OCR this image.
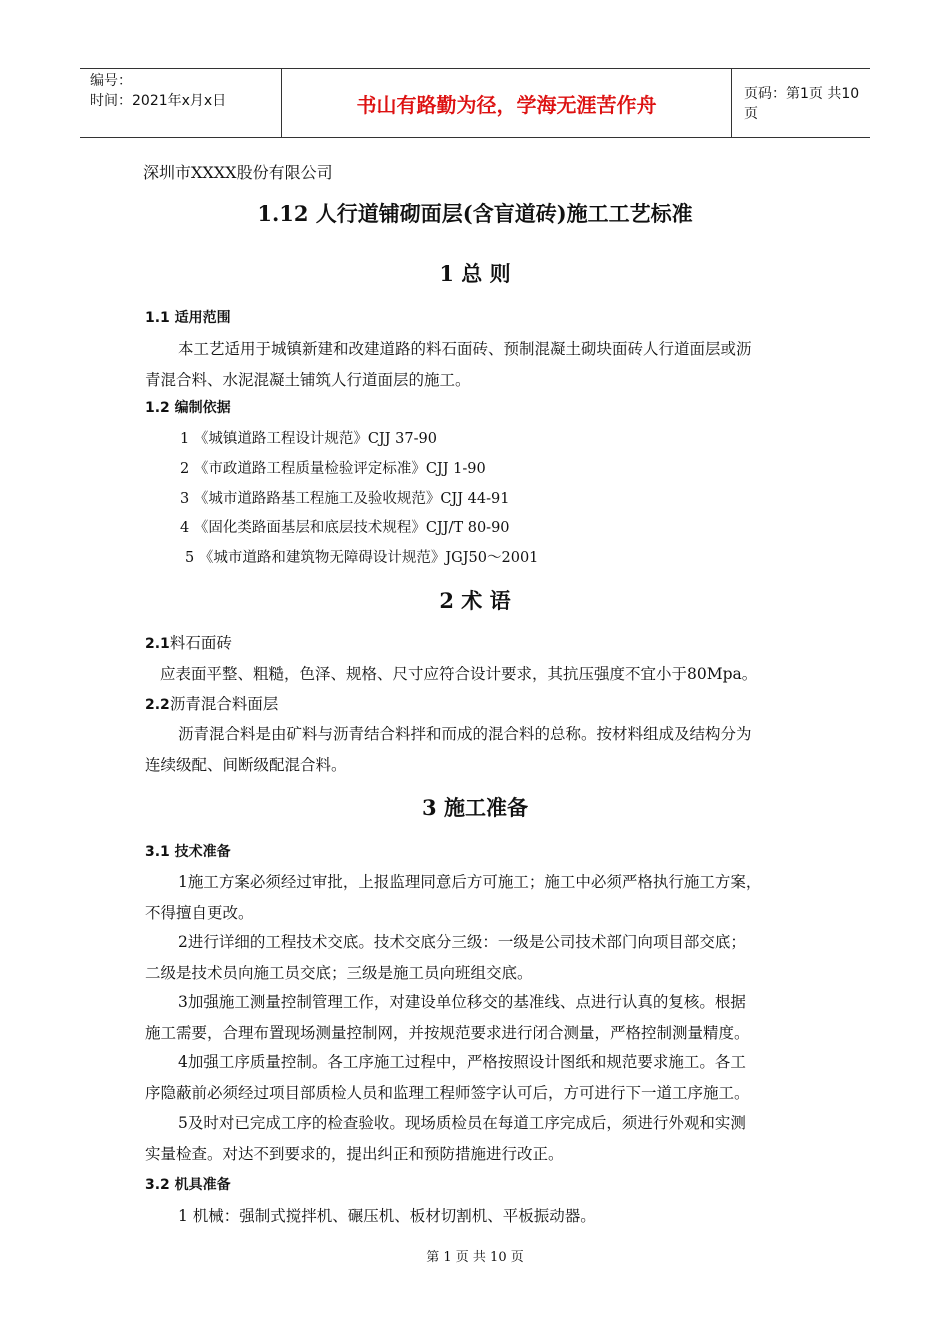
编号：
时间：2021年x月x日	书山有路勤为径，学海无涯苦作舟	页码：第1页 共10页
深圳市XXXX股份有限公司
1.12 人行道铺砌面层(含盲道砖)施工工艺标准
1 总 则
1.1 适用范围
本工艺适用于城镇新建和改建道路的料石面砖、预制混凝土砌块面砖人行道面层或沥
青混合料、水泥混凝土铺筑人行道面层的施工。
1.2 编制依据
1 《城镇道路工程设计规范》CJJ 37-90
2 《市政道路工程质量检验评定标准》CJJ 1-90
3 《城市道路路基工程施工及验收规范》CJJ 44-91
4 《固化类路面基层和底层技术规程》CJJ/T 80-90
5 《城市道路和建筑物无障碍设计规范》JGJ50～2001
2 术 语
2.1料石面砖
应表面平整、粗糙，色泽、规格、尺寸应符合设计要求，其抗压强度不宜小于80Mpa。
2.2沥青混合料面层
沥青混合料是由矿料与沥青结合料拌和而成的混合料的总称。按材料组成及结构分为
连续级配、间断级配混合料。
3 施工准备
3.1 技术准备
1施工方案必须经过审批，上报监理同意后方可施工；施工中必须严格执行施工方案，
不得擅自更改。
2进行详细的工程技术交底。技术交底分三级：一级是公司技术部门向项目部交底；
二级是技术员向施工员交底；三级是施工员向班组交底。
3加强施工测量控制管理工作，对建设单位移交的基准线、点进行认真的复核。根据
施工需要，合理布置现场测量控制网，并按规范要求进行闭合测量，严格控制测量精度。
4加强工序质量控制。各工序施工过程中，严格按照设计图纸和规范要求施工。各工
序隐蔽前必须经过项目部质检人员和监理工程师签字认可后，方可进行下一道工序施工。
5及时对已完成工序的检查验收。现场质检员在每道工序完成后，须进行外观和实测
实量检查。对达不到要求的，提出纠正和预防措施进行改正。
3.2 机具准备
1 机械：强制式搅拌机、碾压机、板材切割机、平板振动器。
第 1 页 共 10 页
